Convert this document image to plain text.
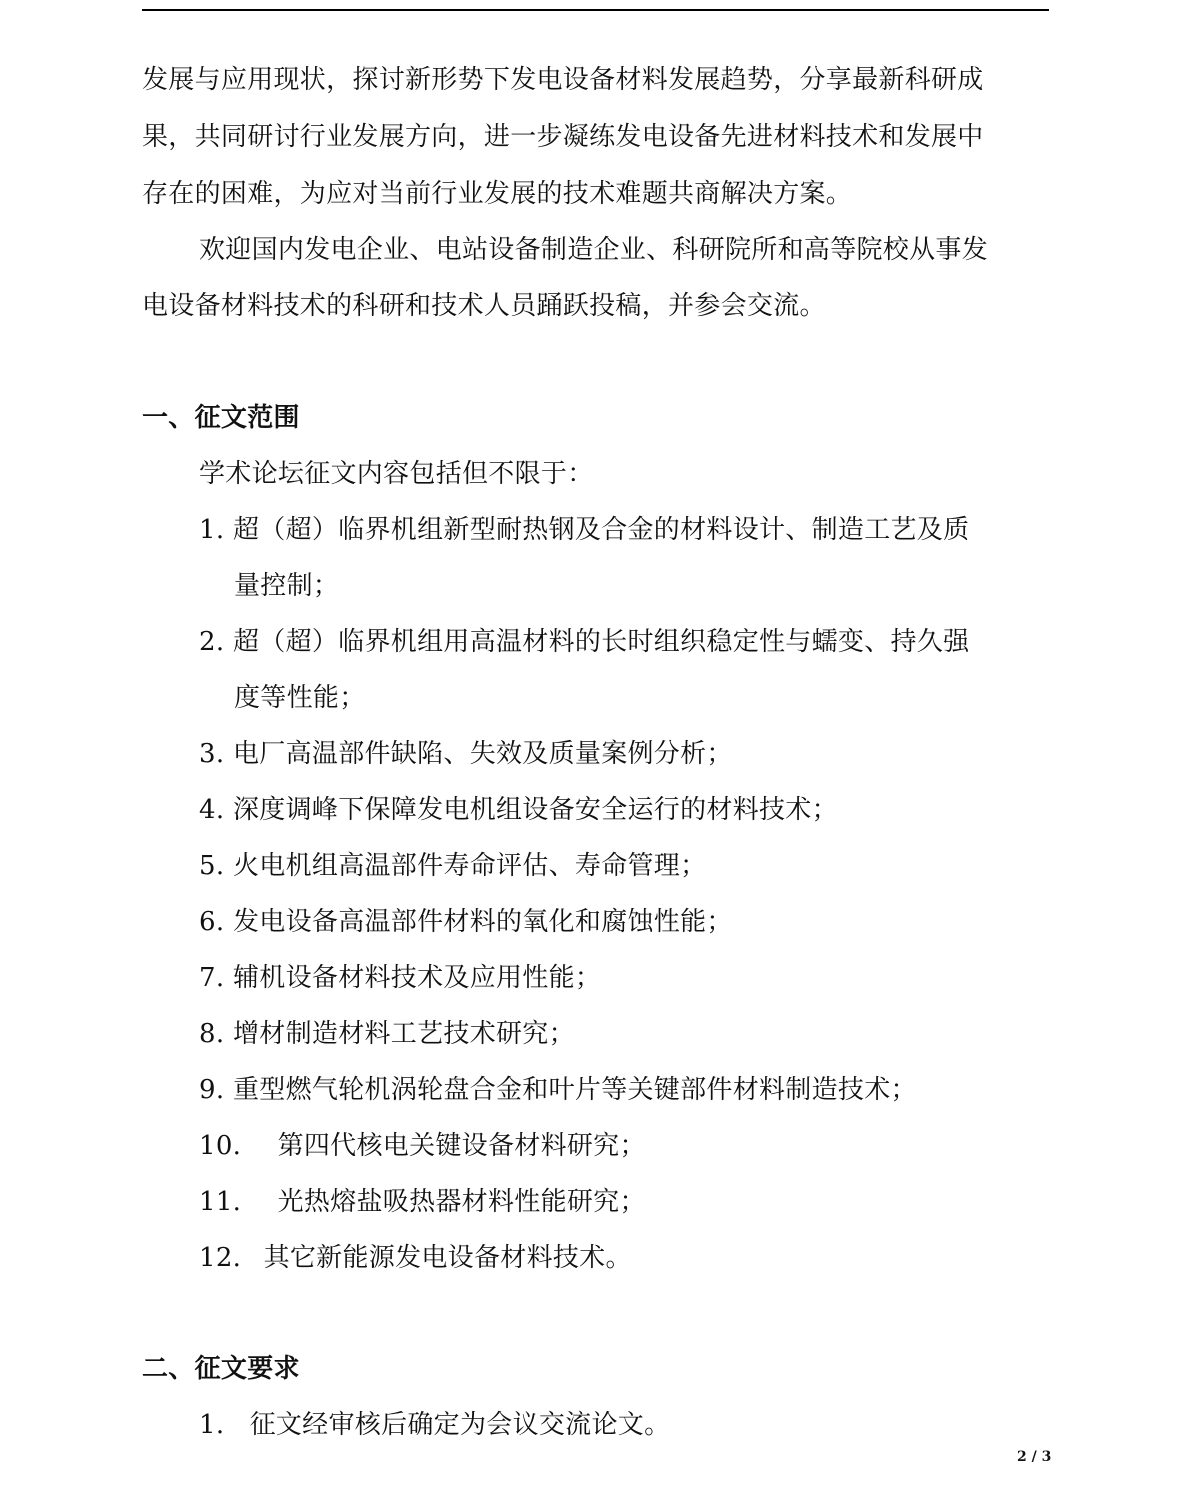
发展与应用现状，探讨新形势下发电设备材料发展趋势，分享最新科研成
果，共同研讨行业发展方向，进一步凝练发电设备先进材料技术和发展中
存在的困难，为应对当前行业发展的技术难题共商解决方案。
欢迎国内发电企业、电站设备制造企业、科研院所和高等院校从事发
电设备材料技术的科研和技术人员踊跃投稿，并参会交流。
一、征文范围
学术论坛征文内容包括但不限于：
1. 超（超）临界机组新型耐热钢及合金的材料设计、制造工艺及质
量控制；
2. 超（超）临界机组用高温材料的长时组织稳定性与蠕变、持久强
度等性能；
3. 电厂高温部件缺陷、失效及质量案例分析；
4. 深度调峰下保障发电机组设备安全运行的材料技术；
5. 火电机组高温部件寿命评估、寿命管理；
6. 发电设备高温部件材料的氧化和腐蚀性能；
7. 辅机设备材料技术及应用性能；
8. 增材制造材料工艺技术研究；
9. 重型燃气轮机涡轮盘合金和叶片等关键部件材料制造技术；
10. 第四代核电关键设备材料研究；
11. 光热熔盐吸热器材料性能研究；
12. 其它新能源发电设备材料技术。
二、征文要求
1. 征文经审核后确定为会议交流论文。
2 / 3
